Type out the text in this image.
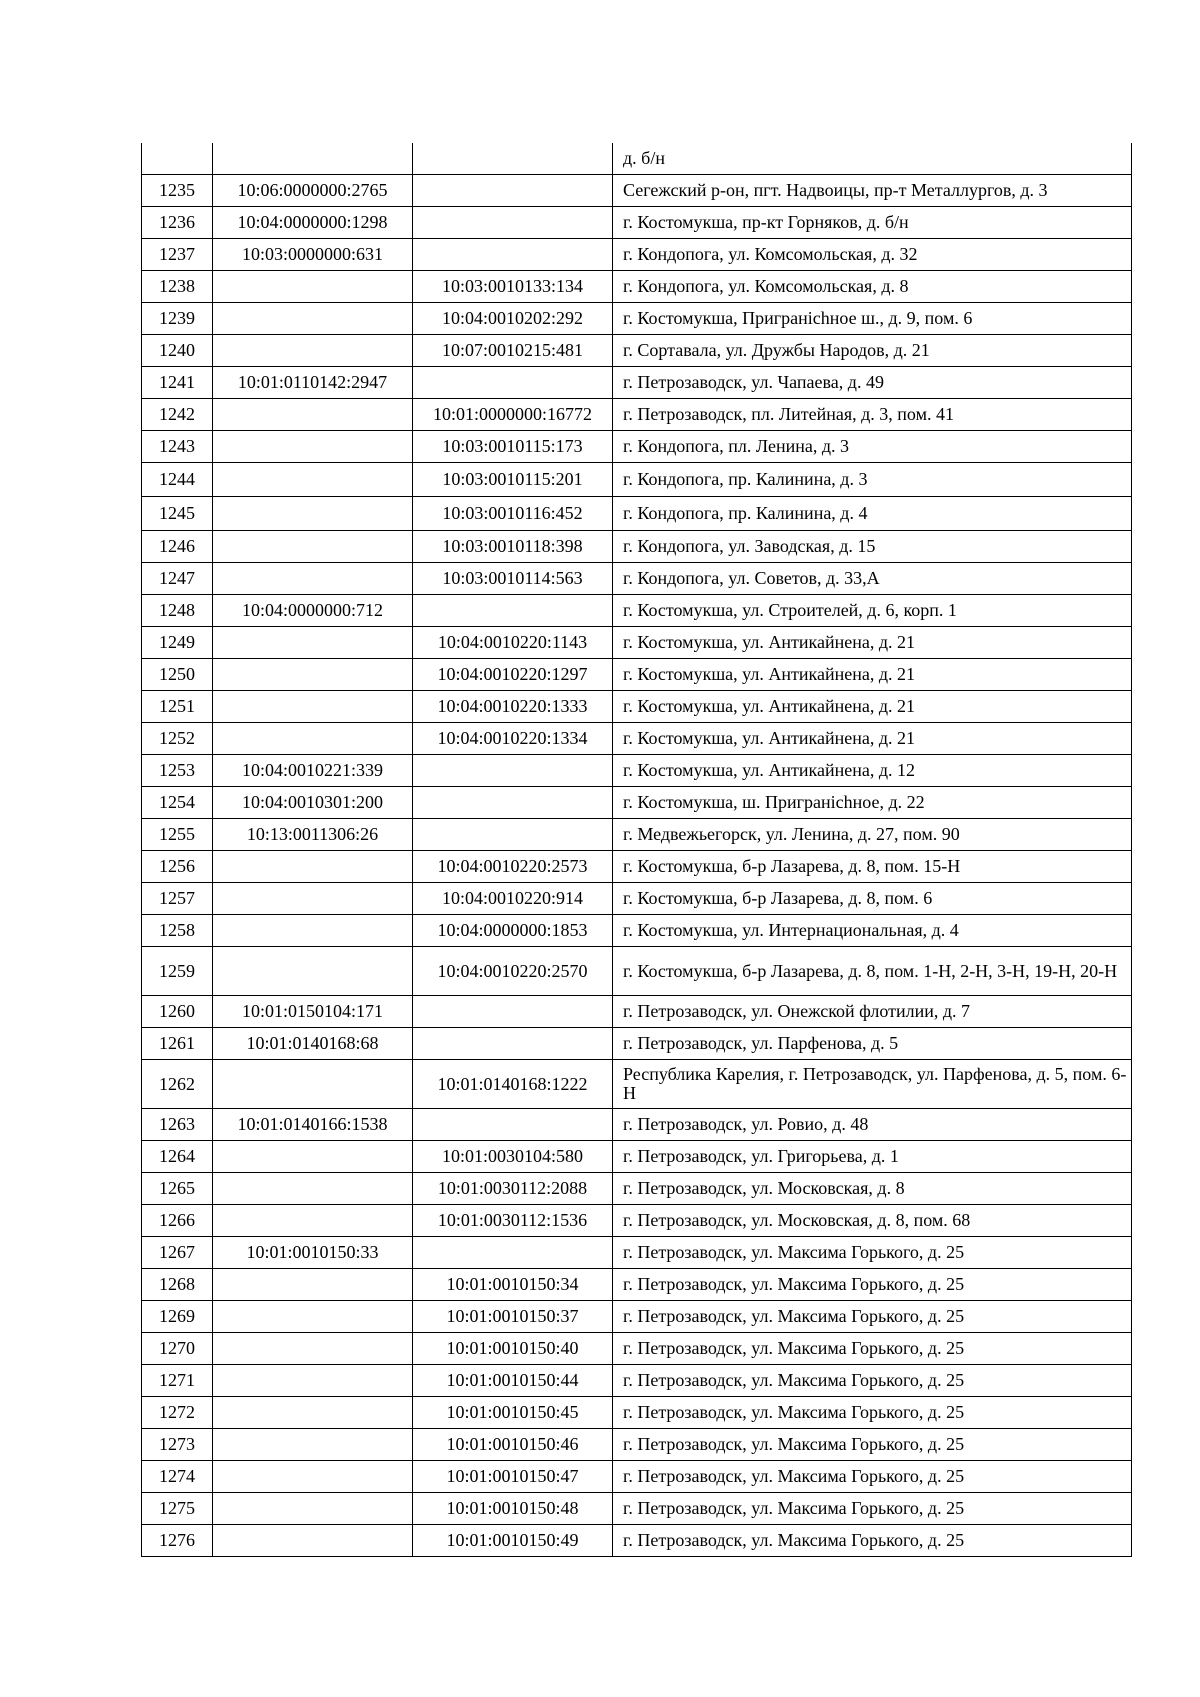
			д. б/н
1235	10:06:0000000:2765		Сегежский р-он, пгт. Надвоицы, пр-т Металлургов, д. 3
1236	10:04:0000000:1298		г. Костомукша, пр-кт Горняков, д. б/н
1237	10:03:0000000:631		г. Кондопога, ул. Комсомольская, д. 32
1238		10:03:0010133:134	г. Кондопога, ул. Комсомольская, д. 8
1239		10:04:0010202:292	г. Костомукша, Пригранichное ш., д. 9, пом. 6
1240		10:07:0010215:481	г. Сортавала, ул. Дружбы Народов, д. 21
1241	10:01:0110142:2947		г. Петрозаводск, ул. Чапаева, д. 49
1242		10:01:0000000:16772	г. Петрозаводск, пл. Литейная, д. 3, пом. 41
1243		10:03:0010115:173	г. Кондопога, пл. Ленина, д. 3
1244		10:03:0010115:201	г. Кондопога, пр. Калинина, д. 3
1245		10:03:0010116:452	г. Кондопога, пр. Калинина, д. 4
1246		10:03:0010118:398	г. Кондопога, ул. Заводская, д. 15
1247		10:03:0010114:563	г. Кондопога, ул. Советов, д. 33,А
1248	10:04:0000000:712		г. Костомукша, ул. Строителей, д. 6, корп. 1
1249		10:04:0010220:1143	г. Костомукша, ул. Антикайнена, д. 21
1250		10:04:0010220:1297	г. Костомукша, ул. Антикайнена, д. 21
1251		10:04:0010220:1333	г. Костомукша, ул. Антикайнена, д. 21
1252		10:04:0010220:1334	г. Костомукша, ул. Антикайнена, д. 21
1253	10:04:0010221:339		г. Костомукша, ул. Антикайнена, д. 12
1254	10:04:0010301:200		г. Костомукша, ш. Пригранichное, д. 22
1255	10:13:0011306:26		г. Медвежьегорск, ул. Ленина, д. 27, пом. 90
1256		10:04:0010220:2573	г. Костомукша, б-р Лазарева, д. 8, пом. 15-Н
1257		10:04:0010220:914	г. Костомукша, б-р Лазарева, д. 8, пом. 6
1258		10:04:0000000:1853	г. Костомукша, ул. Интернациональная, д. 4
1259		10:04:0010220:2570	г. Костомукша, б-р Лазарева, д. 8, пом. 1-Н, 2-Н, 3-Н, 19-Н, 20-Н
1260	10:01:0150104:171		г. Петрозаводск, ул. Онежской флотилии, д. 7
1261	10:01:0140168:68		г. Петрозаводск, ул. Парфенова, д. 5
1262		10:01:0140168:1222	Республика Карелия, г. Петрозаводск, ул. Парфенова, д. 5, пом. 6-Н
1263	10:01:0140166:1538		г. Петрозаводск, ул. Ровио, д. 48
1264		10:01:0030104:580	г. Петрозаводск, ул. Григорьева, д. 1
1265		10:01:0030112:2088	г. Петрозаводск, ул. Московская, д. 8
1266		10:01:0030112:1536	г. Петрозаводск, ул. Московская, д. 8, пом. 68
1267	10:01:0010150:33		г. Петрозаводск, ул. Максима Горького, д. 25
1268		10:01:0010150:34	г. Петрозаводск, ул. Максима Горького, д. 25
1269		10:01:0010150:37	г. Петрозаводск, ул. Максима Горького, д. 25
1270		10:01:0010150:40	г. Петрозаводск, ул. Максима Горького, д. 25
1271		10:01:0010150:44	г. Петрозаводск, ул. Максима Горького, д. 25
1272		10:01:0010150:45	г. Петрозаводск, ул. Максима Горького, д. 25
1273		10:01:0010150:46	г. Петрозаводск, ул. Максима Горького, д. 25
1274		10:01:0010150:47	г. Петрозаводск, ул. Максима Горького, д. 25
1275		10:01:0010150:48	г. Петрозаводск, ул. Максима Горького, д. 25
1276		10:01:0010150:49	г. Петрозаводск, ул. Максима Горького, д. 25
